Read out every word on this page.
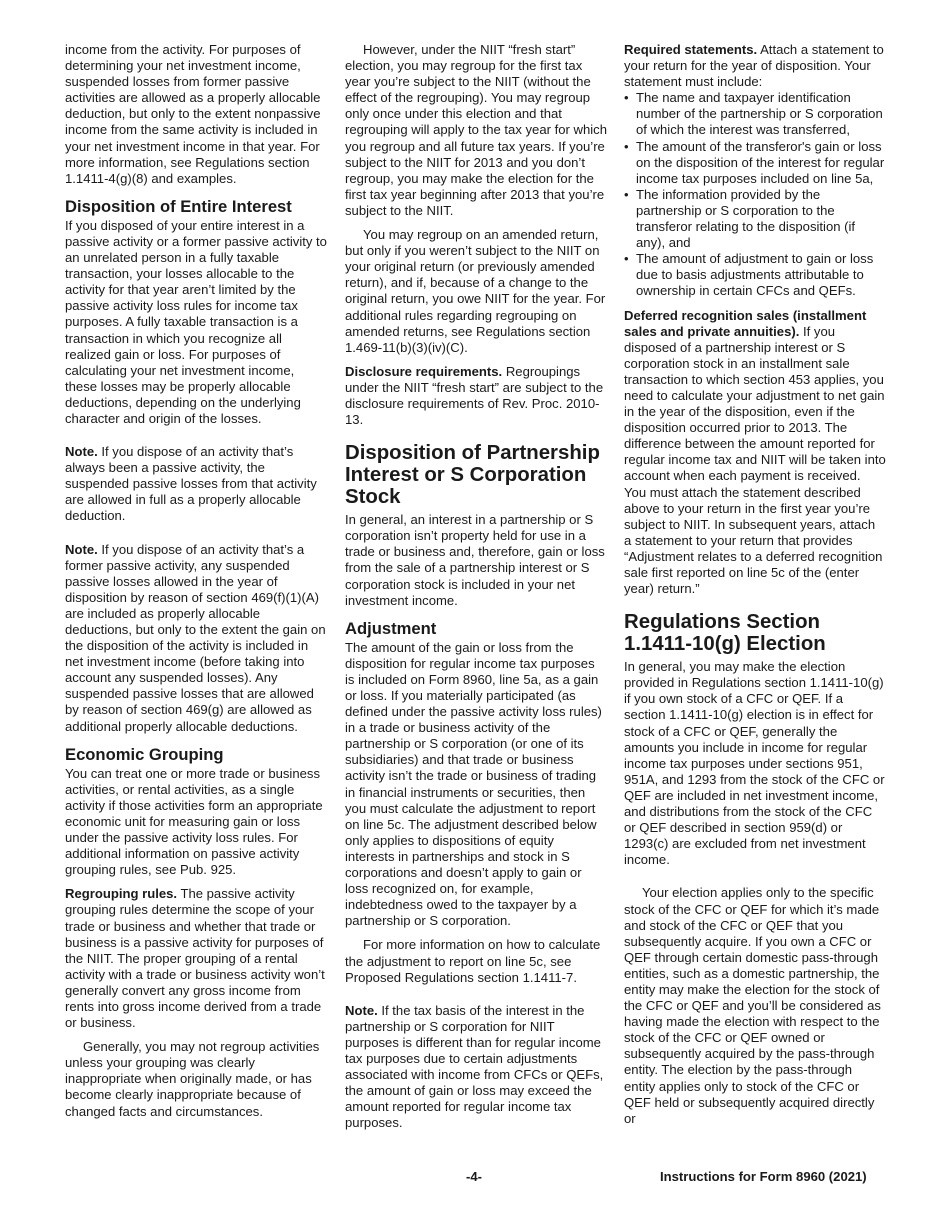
income from the activity. For purposes of determining your net investment income, suspended losses from former passive activities are allowed as a properly allocable deduction, but only to the extent nonpassive income from the same activity is included in your net investment income in that year. For more information, see Regulations section 1.1411-4(g)(8) and examples.

Disposition of Entire Interest

If you disposed of your entire interest in a passive activity or a former passive activity to an unrelated person in a fully taxable transaction, your losses allocable to the activity for that year aren’t limited by the passive activity loss rules for income tax purposes. A fully taxable transaction is a transaction in which you recognize all realized gain or loss. For purposes of calculating your net investment income, these losses may be properly allocable deductions, depending on the underlying character and origin of the losses.

Note. If you dispose of an activity that’s always been a passive activity, the suspended passive losses from that activity are allowed in full as a properly allocable deduction.

Note. If you dispose of an activity that’s a former passive activity, any suspended passive losses allowed in the year of disposition by reason of section 469(f)(1)(A) are included as properly allocable deductions, but only to the extent the gain on the disposition of the activity is included in net investment income (before taking into account any suspended losses). Any suspended passive losses that are allowed by reason of section 469(g) are allowed as additional properly allocable deductions.

Economic Grouping

You can treat one or more trade or business activities, or rental activities, as a single activity if those activities form an appropriate economic unit for measuring gain or loss under the passive activity loss rules. For additional information on passive activity grouping rules, see Pub. 925.

Regrouping rules. The passive activity grouping rules determine the scope of your trade or business and whether that trade or business is a passive activity for purposes of the NIIT. The proper grouping of a rental activity with a trade or business activity won’t generally convert any gross income from rents into gross income derived from a trade or business.

Generally, you may not regroup activities unless your grouping was clearly inappropriate when originally made, or has become clearly inappropriate because of changed facts and circumstances.

However, under the NIIT “fresh start” election, you may regroup for the first tax year you’re subject to the NIIT (without the effect of the regrouping). You may regroup only once under this election and that regrouping will apply to the tax year for which you regroup and all future tax years. If you’re subject to the NIIT for 2013 and you don’t regroup, you may make the election for the first tax year beginning after 2013 that you’re subject to the NIIT.

You may regroup on an amended return, but only if you weren’t subject to the NIIT on your original return (or previously amended return), and if, because of a change to the original return, you owe NIIT for the year. For additional rules regarding regrouping on amended returns, see Regulations section 1.469-11(b)(3)(iv)(C).

Disclosure requirements. Regroupings under the NIIT “fresh start” are subject to the disclosure requirements of Rev. Proc. 2010-13.

Disposition of Partnership Interest or S Corporation Stock

In general, an interest in a partnership or S corporation isn’t property held for use in a trade or business and, therefore, gain or loss from the sale of a partnership interest or S corporation stock is included in your net investment income.

Adjustment

The amount of the gain or loss from the disposition for regular income tax purposes is included on Form 8960, line 5a, as a gain or loss. If you materially participated (as defined under the passive activity loss rules) in a trade or business activity of the partnership or S corporation (or one of its subsidiaries) and that trade or business activity isn’t the trade or business of trading in financial instruments or securities, then you must calculate the adjustment to report on line 5c. The adjustment described below only applies to dispositions of equity interests in partnerships and stock in S corporations and doesn’t apply to gain or loss recognized on, for example, indebtedness owed to the taxpayer by a partnership or S corporation.

For more information on how to calculate the adjustment to report on line 5c, see Proposed Regulations section 1.1411-7.

Note. If the tax basis of the interest in the partnership or S corporation for NIIT purposes is different than for regular income tax purposes due to certain adjustments associated with income from CFCs or QEFs, the amount of gain or loss may exceed the amount reported for regular income tax purposes.

Required statements. Attach a statement to your return for the year of disposition. Your statement must include:

• The name and taxpayer identification number of the partnership or S corporation of which the interest was transferred,
• The amount of the transferor's gain or loss on the disposition of the interest for regular income tax purposes included on line 5a,
• The information provided by the partnership or S corporation to the transferor relating to the disposition (if any), and
• The amount of adjustment to gain or loss due to basis adjustments attributable to ownership in certain CFCs and QEFs.

Deferred recognition sales (installment sales and private annuities). If you disposed of a partnership interest or S corporation stock in an installment sale transaction to which section 453 applies, you need to calculate your adjustment to net gain in the year of the disposition, even if the disposition occurred prior to 2013. The difference between the amount reported for regular income tax and NIIT will be taken into account when each payment is received. You must attach the statement described above to your return in the first year you’re subject to NIIT. In subsequent years, attach a statement to your return that provides “Adjustment relates to a deferred recognition sale first reported on line 5c of the (enter year) return.”

Regulations Section 1.1411-10(g) Election

In general, you may make the election provided in Regulations section 1.1411-10(g) if you own stock of a CFC or QEF. If a section 1.1411-10(g) election is in effect for stock of a CFC or QEF, generally the amounts you include in income for regular income tax purposes under sections 951, 951A, and 1293 from the stock of the CFC or QEF are included in net investment income, and distributions from the stock of the CFC or QEF described in section 959(d) or 1293(c) are excluded from net investment income.

Your election applies only to the specific stock of the CFC or QEF for which it’s made and stock of the CFC or QEF that you subsequently acquire. If you own a CFC or QEF through certain domestic pass-through entities, such as a domestic partnership, the entity may make the election for the stock of the CFC or QEF and you’ll be considered as having made the election with respect to the stock of the CFC or QEF owned or subsequently acquired by the pass-through entity. The election by the pass-through entity applies only to stock of the CFC or QEF held or subsequently acquired directly or

-4-	Instructions for Form 8960 (2021)
